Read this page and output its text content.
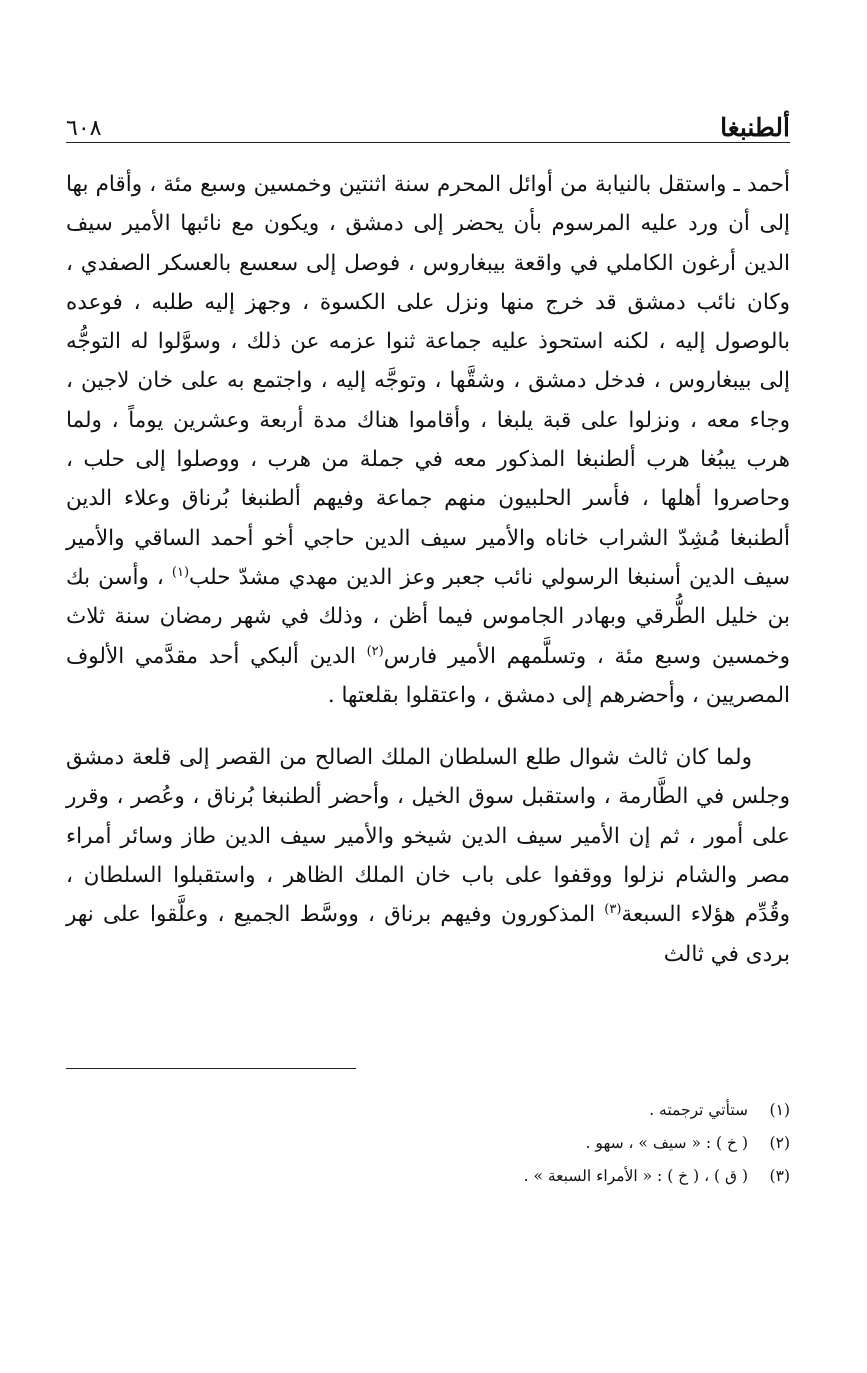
ألطنبغا
٦٠٨

أحمد ـ واستقل بالنيابة من أوائل المحرم سنة اثنتين وخمسين وسبع مئة ، وأقام بها إلى أن ورد عليه المرسوم بأن يحضر إلى دمشق ، ويكون مع نائبها الأمير سيف الدين أرغون الكاملي في واقعة بيبغاروس ، فوصل إلى سعسع بالعسكر الصفدي ، وكان نائب دمشق قد خرج منها ونزل على الكسوة ، وجهز إليه طلبه ، فوعده بالوصول إليه ، لكنه استحوذ عليه جماعة ثنوا عزمه عن ذلك ، وسوَّلوا له التوجُّه إلى بيبغاروس ، فدخل دمشق ، وشقَّها ، وتوجَّه إليه ، واجتمع به على خان لاجين ، وجاء معه ، ونزلوا على قبة يلبغا ، وأقاموا هناك مدة أربعة وعشرين يوماً ، ولما هرب يببُغا هرب ألطنبغا المذكور معه في جملة من هرب ، ووصلوا إلى حلب ، وحاصروا أهلها ، فأسر الحلبيون منهم جماعة وفيهم ألطنبغا بُرناق وعلاء الدين ألطنبغا مُشِدّ الشراب خاناه والأمير سيف الدين حاجي أخو أحمد الساقي والأمير سيف الدين أسنبغا الرسولي نائب جعبر وعز الدين مهدي مشدّ حلب$^{(١)}$ ، وأسن بك بن خليل الطُّرقي وبهادر الجاموس فيما أظن ، وذلك في شهر رمضان سنة ثلاث وخمسين وسبع مئة ، وتسلَّمهم الأمير فارس$^{(٢)}$ الدين ألبكي أحد مقدَّمي الألوف المصريين ، وأحضرهم إلى دمشق ، واعتقلوا بقلعتها .

ولما كان ثالث شوال طلع السلطان الملك الصالح من القصر إلى قلعة دمشق وجلس في الطَّارمة ، واستقبل سوق الخيل ، وأحضر ألطنبغا بُرناق ، وعُصر ، وقرر على أمور ، ثم إن الأمير سيف الدين شيخو والأمير سيف الدين طاز وسائر أمراء مصر والشام نزلوا ووقفوا على باب خان الملك الظاهر ، واستقبلوا السلطان ، وقُدِّم هؤلاء السبعة$^{(٣)}$ المذكورون وفيهم برناق ، ووسَّط الجميع ، وعلَّقوا على نهر بردى في ثالث

(١)
ستأتي ترجمته .
(٢)
( خ ) : « سيف » ، سهو .
(٣)
( ق ) ، ( خ ) : « الأمراء السبعة » .
